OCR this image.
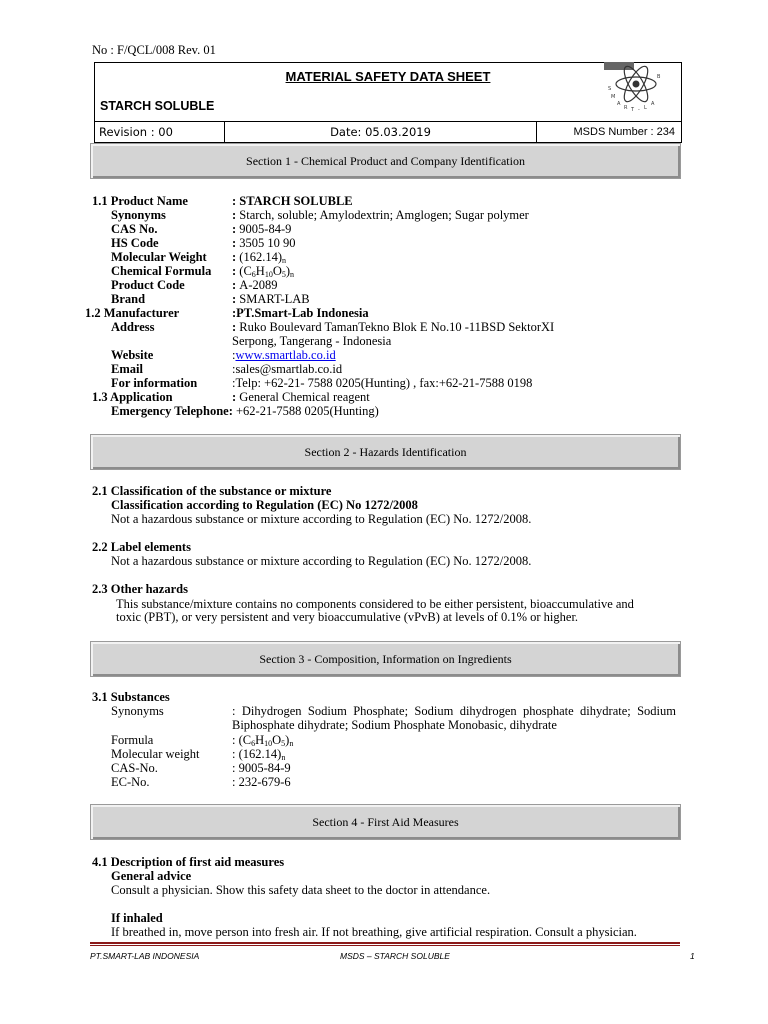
No : F/QCL/008 Rev. 01
MATERIAL SAFETY DATA SHEET
STARCH SOLUBLE
S
M
A
R T - L
A
B
Revision : 00	Date: 05.03.2019	MSDS Number : 234
Section 1 - Chemical Product and Company Identification
1.1 Product Name	: STARCH SOLUBLE
Synonyms	: Starch, soluble; Amylodextrin; Amglogen; Sugar polymer
CAS No.	: 9005-84-9
HS Code	: 3505 10 90
Molecular Weight : $(162.14)_n$
Chemical Formula : $(C_6H_{10}O_5)_n$
Product Code	: A-2089
Brand	: SMART-LAB
1.2 Manufacturer	:PT.Smart-Lab Indonesia
Address	: Ruko Boulevard TamanTekno Blok E No.10 -11BSD SektorXI
Serpong, Tangerang - Indonesia
Website	:www.smartlab.co.id
Email	:sales@smartlab.co.id
For information	:Telp: +62-21- 7588 0205(Hunting) , fax:+62-21-7588 0198
1.3 Application	: General Chemical reagent
Emergency Telephone: +62-21-7588 0205(Hunting)
Section 2 - Hazards Identification
2.1 Classification of the substance or mixture
Classification according to Regulation (EC) No 1272/2008
Not a hazardous substance or mixture according to Regulation (EC) No. 1272/2008.
2.2 Label elements
Not a hazardous substance or mixture according to Regulation (EC) No. 1272/2008.
2.3 Other hazards
This substance/mixture contains no components considered to be either persistent, bioaccumulative and
toxic (PBT), or very persistent and very bioaccumulative (vPvB) at levels of 0.1% or higher.
Section 3 - Composition, Information on Ingredients
3.1 Substances
Synonyms	: Dihydrogen Sodium Phosphate; Sodium dihydrogen phosphate dihydrate; Sodium
Biphosphate dihydrate; Sodium Phosphate Monobasic, dihydrate
Formula	: $(C_6H_{10}O_5)_n$
Molecular weight	: $(162.14)_n$
CAS-No.	: 9005-84-9
EC-No.	: 232-679-6
Section 4 - First Aid Measures
4.1 Description of first aid measures
General advice
Consult a physician. Show this safety data sheet to the doctor in attendance.
If inhaled
If breathed in, move person into fresh air. If not breathing, give artificial respiration. Consult a physician.
PT.SMART-LAB INDONESIA	MSDS – STARCH SOLUBLE	1
